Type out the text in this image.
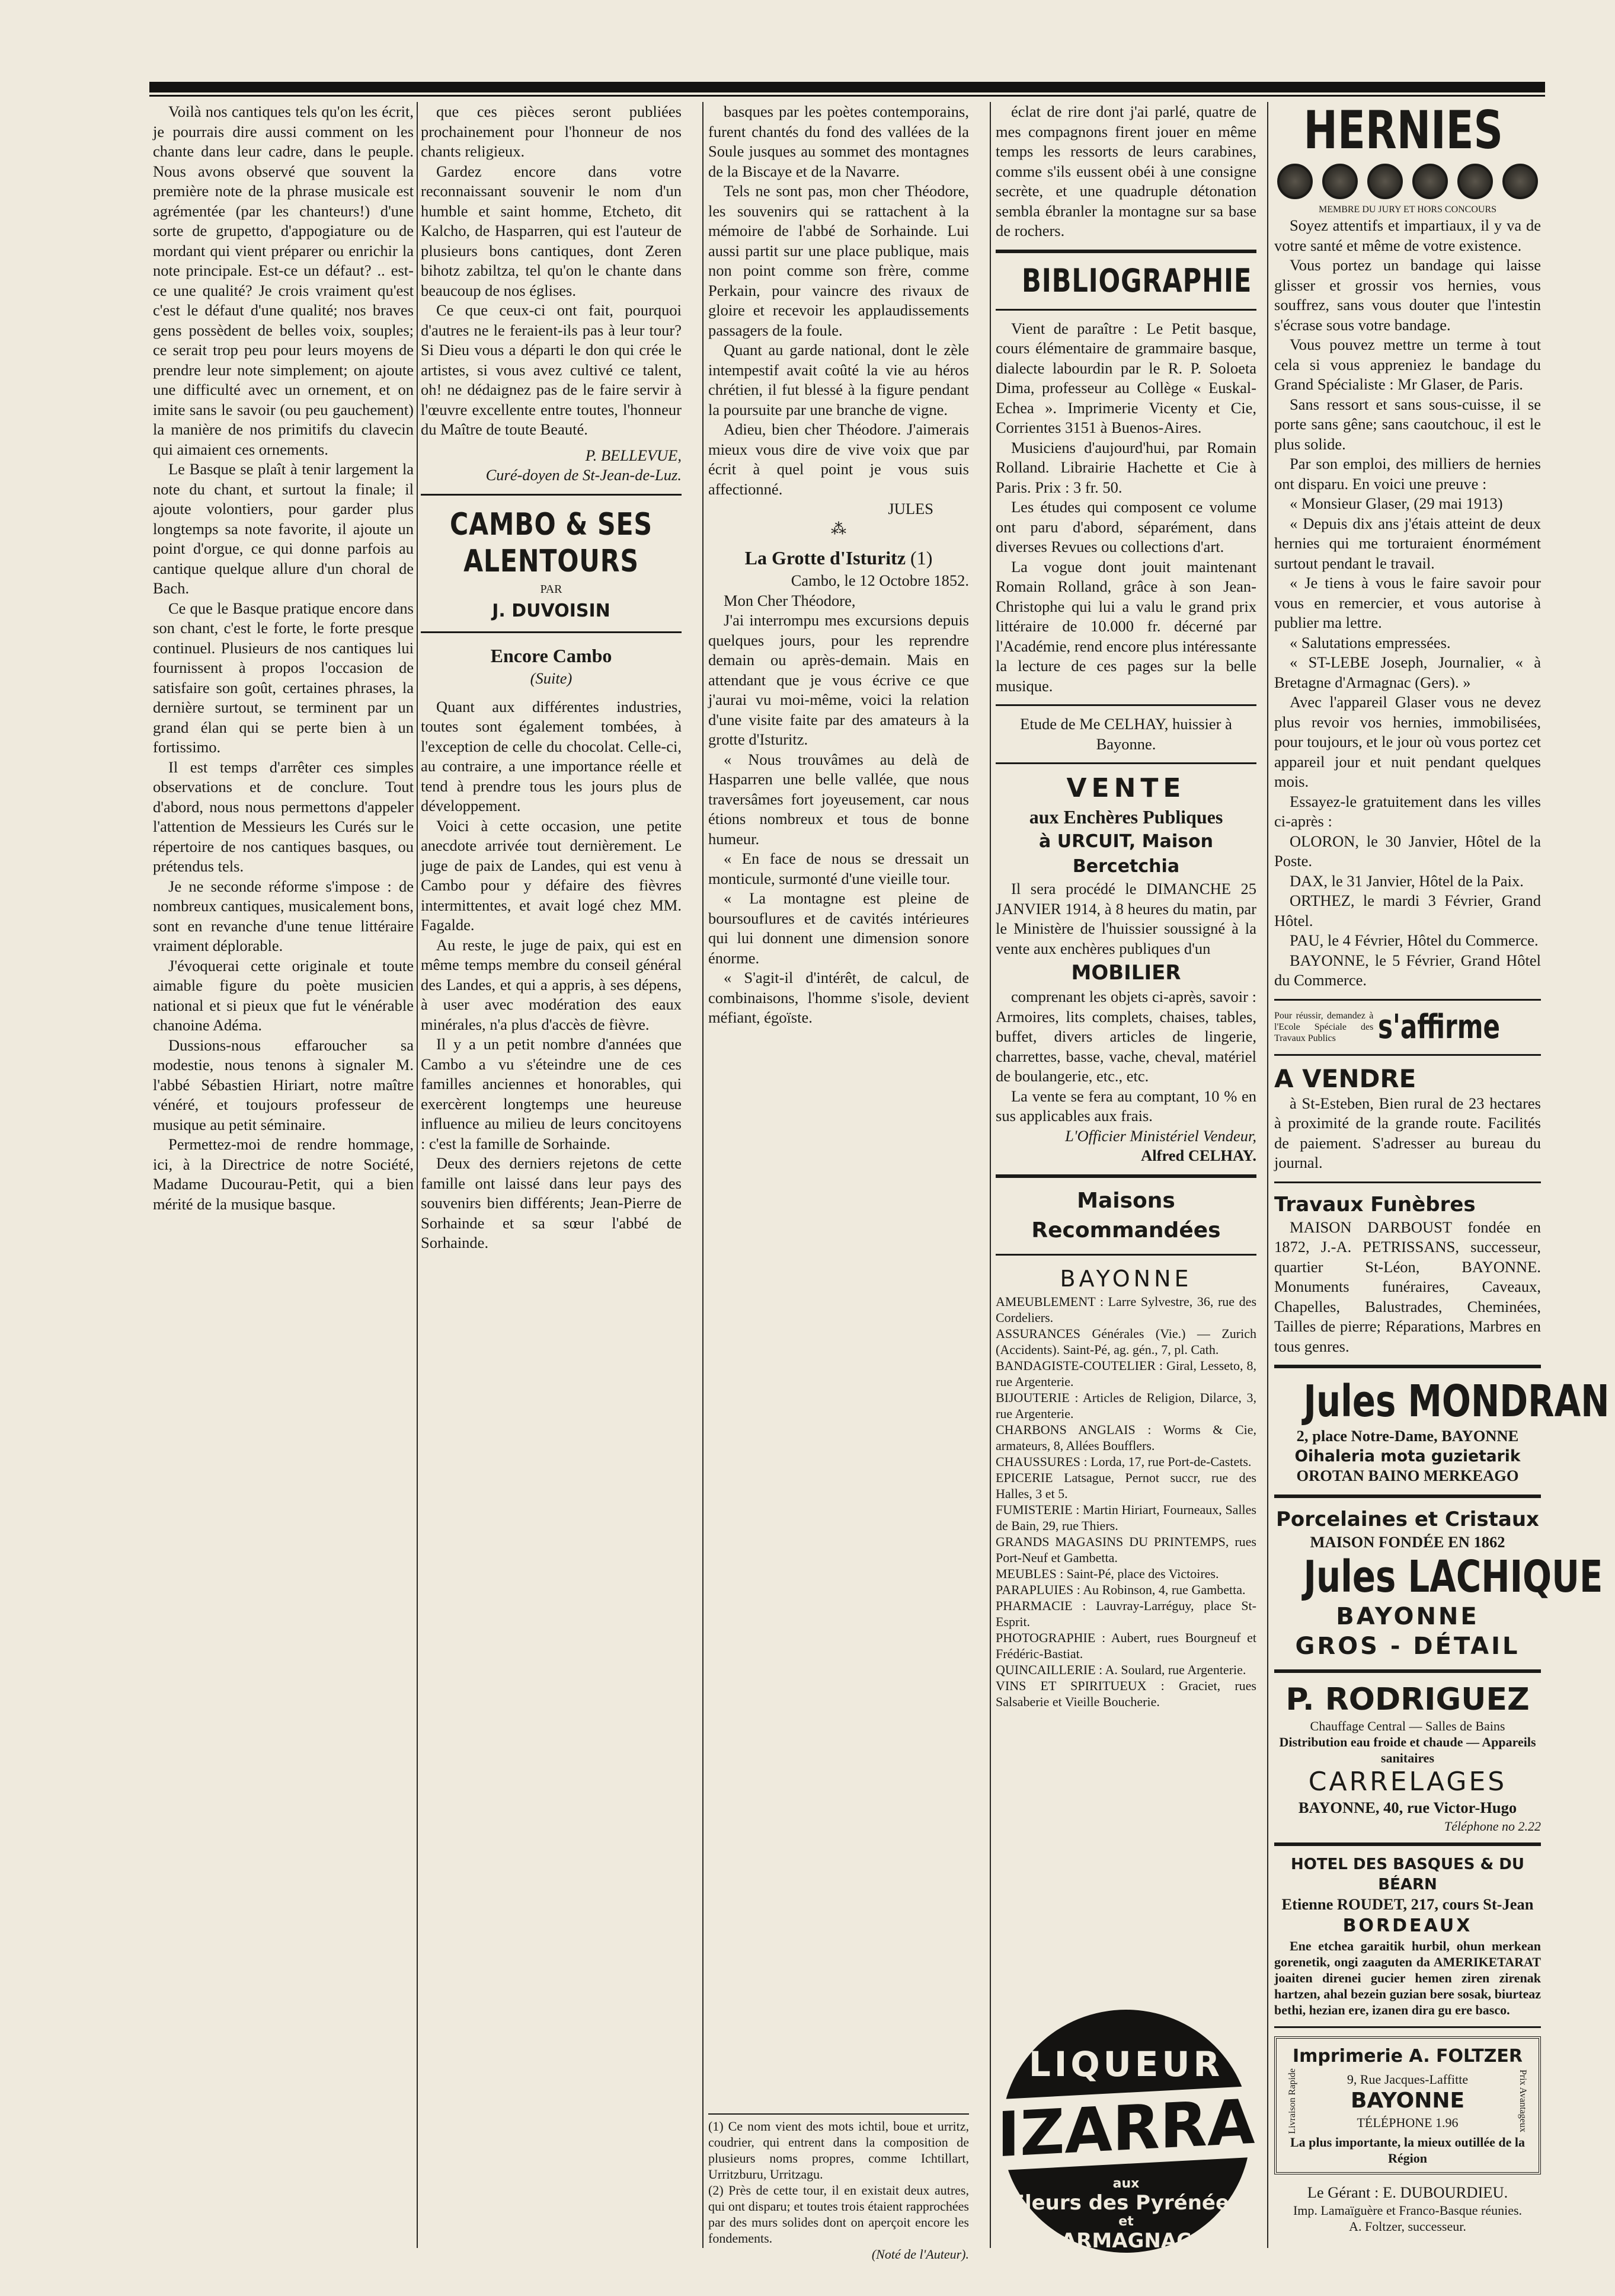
Voilà nos cantiques tels qu'on les écrit, je pourrais dire aussi comment on les chante dans leur cadre, dans le peuple. Nous avons observé que souvent la première note de la phrase musicale est agrémentée (par les chanteurs!) d'une sorte de grupetto, d'appogiature ou de mordant qui vient préparer ou enrichir la note principale. Est-ce un défaut? .. est-ce une qualité? Je crois vraiment qu'est c'est le défaut d'une qualité; nos braves gens possèdent de belles voix, souples; ce serait trop peu pour leurs moyens de prendre leur note simplement; on ajoute une difficulté avec un ornement, et on imite sans le savoir (ou peu gauchement) la manière de nos primitifs du clavecin qui aimaient ces ornements.

Le Basque se plaît à tenir largement la note du chant, et surtout la finale; il ajoute volontiers, pour garder plus longtemps sa note favorite, il ajoute un point d'orgue, ce qui donne parfois au cantique quelque allure d'un choral de Bach.

Ce que le Basque pratique encore dans son chant, c'est le forte, le forte presque continuel. Plusieurs de nos cantiques lui fournissent à propos l'occasion de satisfaire son goût, certaines phrases, la dernière surtout, se terminent par un grand élan qui se perte bien à un fortissimo.

Il est temps d'arrêter ces simples observations et de conclure. Tout d'abord, nous nous permettons d'appeler l'attention de Messieurs les Curés sur le répertoire de nos cantiques basques, ou prétendus tels.

Je ne seconde réforme s'impose : de nombreux cantiques, musicalement bons, sont en revanche d'une tenue littéraire vraiment déplorable.

J'évoquerai cette originale et toute aimable figure du poète musicien national et si pieux que fut le vénérable chanoine Adéma.

Dussions-nous effaroucher sa modestie, nous tenons à signaler M. l'abbé Sébastien Hiriart, notre maître vénéré, et toujours professeur de musique au petit séminaire.

Permettez-moi de rendre hommage, ici, à la Directrice de notre Société, Madame Ducourau-Petit, qui a bien mérité de la musique basque.

que ces pièces seront publiées prochainement pour l'honneur de nos chants religieux.

Gardez encore dans votre reconnaissant souvenir le nom d'un humble et saint homme, Etcheto, dit Kalcho, de Hasparren, qui est l'auteur de plusieurs bons cantiques, dont Zeren bihotz zabiltza, tel qu'on le chante dans beaucoup de nos églises.

Ce que ceux-ci ont fait, pourquoi d'autres ne le feraient-ils pas à leur tour? Si Dieu vous a départi le don qui crée le artistes, si vous avez cultivé ce talent, oh! ne dédaignez pas de le faire servir à l'œuvre excellente entre toutes, l'honneur du Maître de toute Beauté.

P. BELLEVUE,
Curé-doyen de St-Jean-de-Luz.
CAMBO & SES ALENTOURS
PAR
J. DUVOISIN
Encore Cambo
(Suite)

Quant aux différentes industries, toutes sont également tombées, à l'exception de celle du chocolat. Celle-ci, au contraire, a une importance réelle et tend à prendre tous les jours plus de développement.

Voici à cette occasion, une petite anecdote arrivée tout dernièrement. Le juge de paix de Landes, qui est venu à Cambo pour y défaire des fièvres intermittentes, et avait logé chez MM. Fagalde.

Au reste, le juge de paix, qui est en même temps membre du conseil général des Landes, et qui a appris, à ses dépens, à user avec modération des eaux minérales, n'a plus d'accès de fièvre.

Il y a un petit nombre d'années que Cambo a vu s'éteindre une de ces familles anciennes et honorables, qui exercèrent longtemps une heureuse influence au milieu de leurs concitoyens : c'est la famille de Sorhainde.

Deux des derniers rejetons de cette famille ont laissé dans leur pays des souvenirs bien différents; Jean-Pierre de Sorhainde et sa sœur l'abbé de Sorhainde.

basques par les poètes contemporains, furent chantés du fond des vallées de la Soule jusques au sommet des montagnes de la Biscaye et de la Navarre.

Tels ne sont pas, mon cher Théodore, les souvenirs qui se rattachent à la mémoire de l'abbé de Sorhainde. Lui aussi partit sur une place publique, mais non point comme son frère, comme Perkain, pour vaincre des rivaux de gloire et recevoir les applaudissements passagers de la foule.

Quant au garde national, dont le zèle intempestif avait coûté la vie au héros chrétien, il fut blessé à la figure pendant la poursuite par une branche de vigne.

Adieu, bien cher Théodore. J'aimerais mieux vous dire de vive voix que par écrit à quel point je vous suis affectionné.

JULES
⁂
La Grotte d'Isturitz (1)
Cambo, le 12 Octobre 1852.

Mon Cher Théodore,

J'ai interrompu mes excursions depuis quelques jours, pour les reprendre demain ou après-demain. Mais en attendant que je vous écrive ce que j'aurai vu moi-même, voici la relation d'une visite faite par des amateurs à la grotte d'Isturitz.

« Nous trouvâmes au delà de Hasparren une belle vallée, que nous traversâmes fort joyeusement, car nous étions nombreux et tous de bonne humeur.

« En face de nous se dressait un monticule, surmonté d'une vieille tour.

« La montagne est pleine de boursouflures et de cavités intérieures qui lui donnent une dimension sonore énorme.

« S'agit-il d'intérêt, de calcul, de combinaisons, l'homme s'isole, devient méfiant, égoïste.

(1) Ce nom vient des mots ichtil, boue et urritz, coudrier, qui entrent dans la composition de plusieurs noms propres, comme Ichtillart, Urritzburu, Urritzagu.
(2) Près de cette tour, il en existait deux autres, qui ont disparu; et toutes trois étaient rapprochées par des murs solides dont on aperçoit encore les fondements.
(Noté de l'Auteur).

éclat de rire dont j'ai parlé, quatre de mes compagnons firent jouer en même temps les ressorts de leurs carabines, comme s'ils eussent obéi à une consigne secrète, et une quadruple détonation sembla ébranler la montagne sur sa base de rochers.

BIBLIOGRAPHIE

Vient de paraître : Le Petit basque, cours élémentaire de grammaire basque, dialecte labourdin par le R. P. Soloeta Dima, professeur au Collège « Euskal-Echea ». Imprimerie Vicenty et Cie, Corrientes 3151 à Buenos-Aires.

Musiciens d'aujourd'hui, par Romain Rolland. Librairie Hachette et Cie à Paris. Prix : 3 fr. 50.

Les études qui composent ce volume ont paru d'abord, séparément, dans diverses Revues ou collections d'art.

La vogue dont jouit maintenant Romain Rolland, grâce à son Jean-Christophe qui lui a valu le grand prix littéraire de 10.000 fr. décerné par l'Académie, rend encore plus intéressante la lecture de ces pages sur la belle musique.

Etude de Me CELHAY, huissier à Bayonne.
VENTE
aux Enchères Publiques
à URCUIT, Maison Bercetchia

Il sera procédé le DIMANCHE 25 JANVIER 1914, à 8 heures du matin, par le Ministère de l'huissier soussigné à la vente aux enchères publiques d'un

MOBILIER

comprenant les objets ci-après, savoir : Armoires, lits complets, chaises, tables, buffet, divers articles de lingerie, charrettes, basse, vache, cheval, matériel de boulangerie, etc., etc.

La vente se fera au comptant, 10 % en sus applicables aux frais.

L'Officier Ministériel Vendeur,
Alfred CELHAY.
Maisons Recommandées
BAYONNE
AMEUBLEMENT : Larre Sylvestre, 36, rue des Cordeliers.
ASSURANCES Générales (Vie.) — Zurich (Accidents). Saint-Pé, ag. gén., 7, pl. Cath.
BANDAGISTE-COUTELIER : Giral, Lesseto, 8, rue Argenterie.
BIJOUTERIE : Articles de Religion, Dilarce, 3, rue Argenterie.
CHARBONS ANGLAIS : Worms & Cie, armateurs, 8, Allées Boufflers.
CHAUSSURES : Lorda, 17, rue Port-de-Castets.
EPICERIE Latsague, Pernot succr, rue des Halles, 3 et 5.
FUMISTERIE : Martin Hiriart, Fourneaux, Salles de Bain, 29, rue Thiers.
GRANDS MAGASINS DU PRINTEMPS, rues Port-Neuf et Gambetta.
MEUBLES : Saint-Pé, place des Victoires.
PARAPLUIES : Au Robinson, 4, rue Gambetta.
PHARMACIE : Lauvray-Larréguy, place St-Esprit.
PHOTOGRAPHIE : Aubert, rues Bourgneuf et Frédéric-Bastiat.
QUINCAILLERIE : A. Soulard, rue Argenterie.
VINS ET SPIRITUEUX : Graciet, rues Salsaberie et Vieille Boucherie.
LIQUEUR
IZARRA
aux
Fleurs des Pyrénées
et
ARMAGNAC
HERNIES
MEMBRE DU JURY ET HORS CONCOURS

Soyez attentifs et impartiaux, il y va de votre santé et même de votre existence.

Vous portez un bandage qui laisse glisser et grossir vos hernies, vous souffrez, sans vous douter que l'intestin s'écrase sous votre bandage.

Vous pouvez mettre un terme à tout cela si vous appreniez le bandage du Grand Spécialiste : Mr Glaser, de Paris.

Sans ressort et sans sous-cuisse, il se porte sans gêne; sans caoutchouc, il est le plus solide.

Par son emploi, des milliers de hernies ont disparu. En voici une preuve :

« Monsieur Glaser, (29 mai 1913)

« Depuis dix ans j'étais atteint de deux hernies qui me torturaient énormément surtout pendant le travail.

« Je tiens à vous le faire savoir pour vous en remercier, et vous autorise à publier ma lettre.

« Salutations empressées.

« ST-LEBE Joseph, Journalier, « à Bretagne d'Armagnac (Gers). »

Avec l'appareil Glaser vous ne devez plus revoir vos hernies, immobilisées, pour toujours, et le jour où vous portez cet appareil jour et nuit pendant quelques mois.

Essayez-le gratuitement dans les villes ci-après :

OLORON, le 30 Janvier, Hôtel de la Poste.

DAX, le 31 Janvier, Hôtel de la Paix.

ORTHEZ, le mardi 3 Février, Grand Hôtel.

PAU, le 4 Février, Hôtel du Commerce.

BAYONNE, le 5 Février, Grand Hôtel du Commerce.

Pour réussir, demandez à l'Ecole Spéciale des Travaux Publics	s'affirme
A VENDRE

à St-Esteben, Bien rural de 23 hectares à proximité de la grande route. Facilités de paiement. S'adresser au bureau du journal.

Travaux Funèbres

MAISON DARBOUST fondée en 1872, J.-A. PETRISSANS, successeur, quartier St-Léon, BAYONNE. Monuments funéraires, Caveaux, Chapelles, Balustrades, Cheminées, Tailles de pierre; Réparations, Marbres en tous genres.

Jules MONDRAN
2, place Notre-Dame, BAYONNE
Oihaleria mota guzietarik
OROTAN BAINO MERKEAGO
Porcelaines et Cristaux
MAISON FONDÉE EN 1862
Jules LACHIQUE
BAYONNE
GROS - DÉTAIL
P. RODRIGUEZ
Chauffage Central — Salles de Bains
Distribution eau froide et chaude — Appareils sanitaires
CARRELAGES
BAYONNE, 40, rue Victor-Hugo
Téléphone no 2.22
HOTEL DES BASQUES & DU BÉARN
Etienne ROUDET, 217, cours St-Jean
BORDEAUX

Ene etchea garaitik hurbil, ohun merkean gorenetik, ongi zaaguten da AMERIKETARAT joaiten direnei gucier hemen ziren zirenak hartzen, ahal bezein guzian bere sosak, biurteaz bethi, hezian ere, izanen dira gu ere basco.

Imprimerie A. FOLTZER
Livraison Rapide	9, Rue Jacques-Laffitte
BAYONNE
TÉLÉPHONE 1.96	Prix Avantageux
La plus importante, la mieux outillée de la Région
Le Gérant : E. DUBOURDIEU.
Imp. Lamaïguère et Franco-Basque réunies.
A. Foltzer, successeur.
